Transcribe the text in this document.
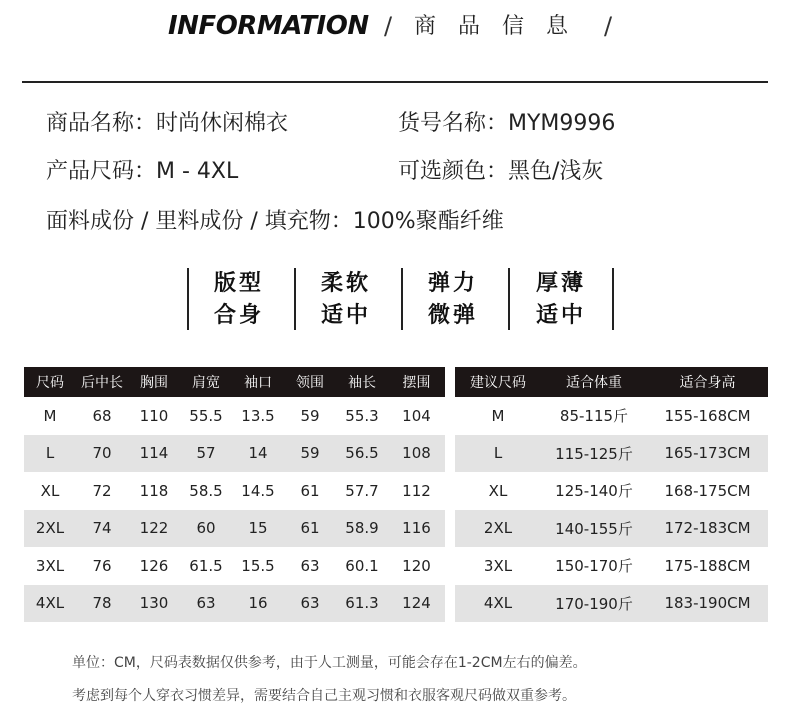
INFORMATION / 商品信息 /
商品名称：时尚休闲棉衣	货号名称：MYM9996
产品尺码：M - 4XL	可选颜色：黑色/浅灰
面料成份 / 里料成份 / 填充物：100%聚酯纤维
版型
合身
柔软
适中
弹力
微弹
厚薄
适中
尺码	后中长	胸围	肩宽	袖口	领围	袖长	摆围
M	68	110	55.5	13.5	59	55.3	104
L	70	114	57	14	59	56.5	108
XL	72	118	58.5	14.5	61	57.7	112
2XL	74	122	60	15	61	58.9	116
3XL	76	126	61.5	15.5	63	60.1	120
4XL	78	130	63	16	63	61.3	124
建议尺码	适合体重	适合身高
M	85-115斤	155-168CM
L	115-125斤	165-173CM
XL	125-140斤	168-175CM
2XL	140-155斤	172-183CM
3XL	150-170斤	175-188CM
4XL	170-190斤	183-190CM
单位：CM，尺码表数据仅供参考，由于人工测量，可能会存在1-2CM左右的偏差。
考虑到每个人穿衣习惯差异，需要结合自己主观习惯和衣服客观尺码做双重参考。
